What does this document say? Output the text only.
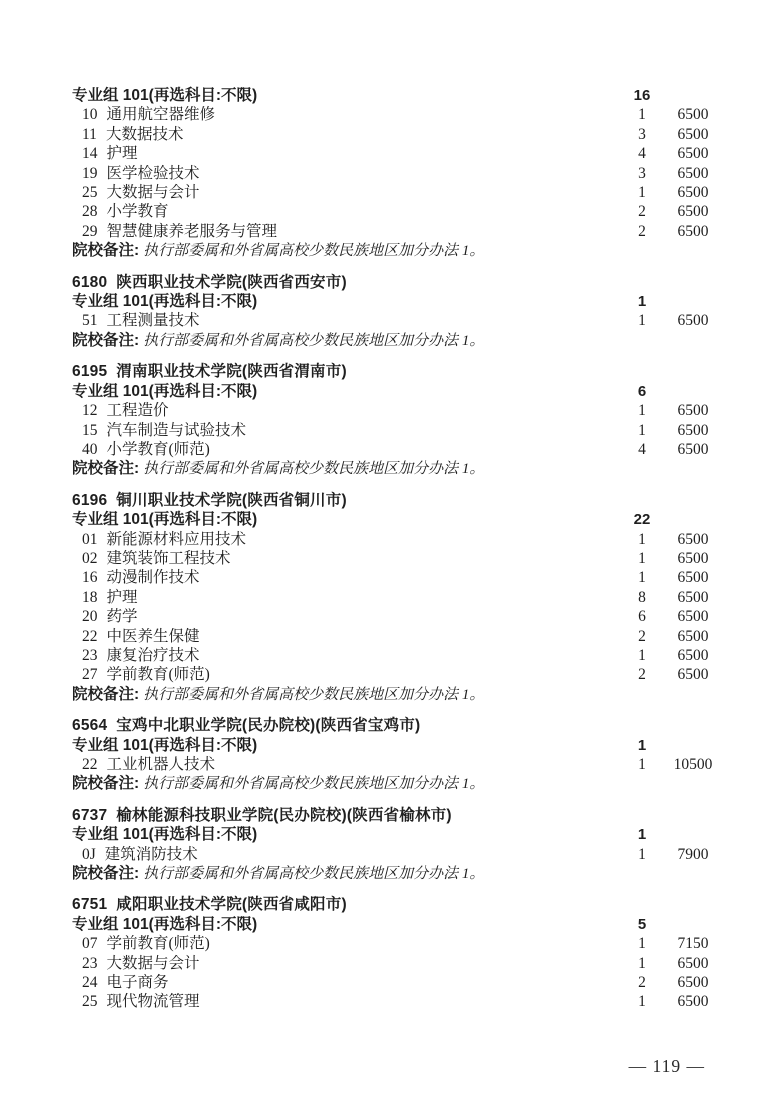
专业组 101(再选科目:不限)	16
10 通用航空器维修	1	6500
11 大数据技术	3	6500
14 护理	4	6500
19 医学检验技术	3	6500
25 大数据与会计	1	6500
28 小学教育	2	6500
29 智慧健康养老服务与管理	2	6500
院校备注: 执行部委属和外省属高校少数民族地区加分办法 1。
6180 陕西职业技术学院(陕西省西安市)
专业组 101(再选科目:不限)	1
51 工程测量技术	1	6500
院校备注: 执行部委属和外省属高校少数民族地区加分办法 1。
6195 渭南职业技术学院(陕西省渭南市)
专业组 101(再选科目:不限)	6
12 工程造价	1	6500
15 汽车制造与试验技术	1	6500
40 小学教育(师范)	4	6500
院校备注: 执行部委属和外省属高校少数民族地区加分办法 1。
6196 铜川职业技术学院(陕西省铜川市)
专业组 101(再选科目:不限)	22
01 新能源材料应用技术	1	6500
02 建筑装饰工程技术	1	6500
16 动漫制作技术	1	6500
18 护理	8	6500
20 药学	6	6500
22 中医养生保健	2	6500
23 康复治疗技术	1	6500
27 学前教育(师范)	2	6500
院校备注: 执行部委属和外省属高校少数民族地区加分办法 1。
6564 宝鸡中北职业学院(民办院校)(陕西省宝鸡市)
专业组 101(再选科目:不限)	1
22 工业机器人技术	1	10500
院校备注: 执行部委属和外省属高校少数民族地区加分办法 1。
6737 榆林能源科技职业学院(民办院校)(陕西省榆林市)
专业组 101(再选科目:不限)	1
0J 建筑消防技术	1	7900
院校备注: 执行部委属和外省属高校少数民族地区加分办法 1。
6751 咸阳职业技术学院(陕西省咸阳市)
专业组 101(再选科目:不限)	5
07 学前教育(师范)	1	7150
23 大数据与会计	1	6500
24 电子商务	2	6500
25 现代物流管理	1	6500
— 119 —
